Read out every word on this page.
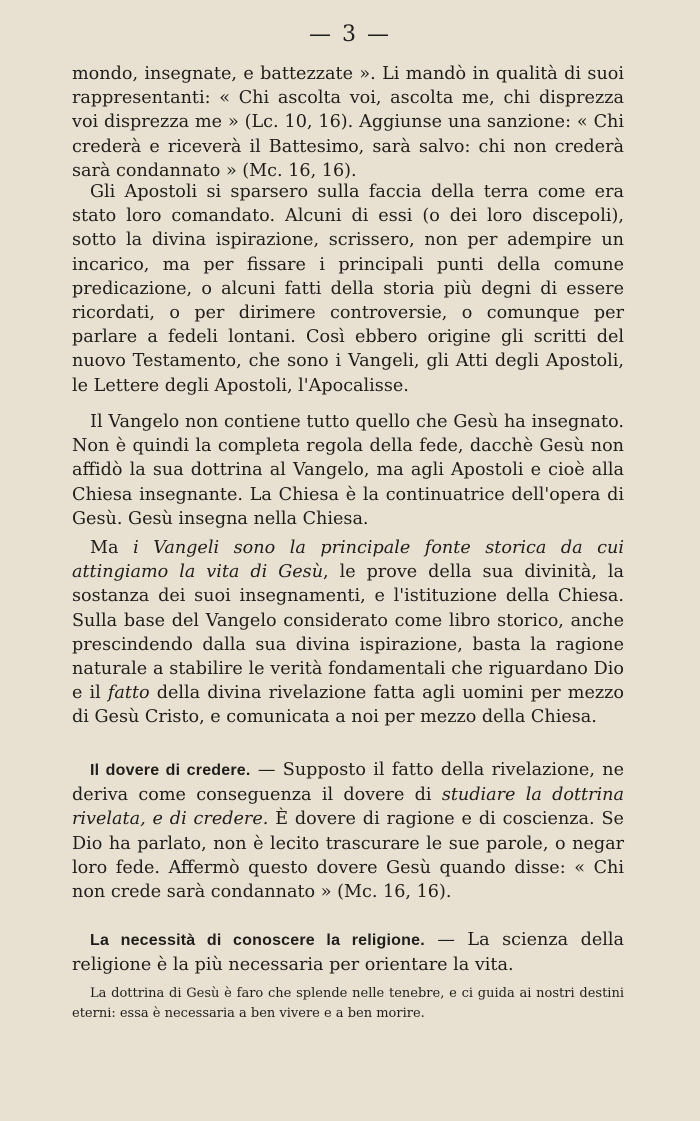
— 3 —
mondo, insegnate, e battezzate ». Li mandò in qualità di suoi rappresentanti: « Chi ascolta voi, ascolta me, chi disprezza voi disprezza me » (Lc. 10, 16). Aggiunse una sanzione: « Chi crederà e riceverà il Battesimo, sarà salvo: chi non crederà sarà condannato » (Mc. 16, 16).
Gli Apostoli si sparsero sulla faccia della terra come era stato loro comandato. Alcuni di essi (o dei loro discepoli), sotto la divina ispirazione, scrissero, non per adempire un incarico, ma per fissare i principali punti della comune predicazione, o alcuni fatti della storia più degni di essere ricordati, o per dirimere controversie, o comunque per parlare a fedeli lontani. Così ebbero origine gli scritti del nuovo Testamento, che sono i Vangeli, gli Atti degli Apostoli, le Lettere degli Apostoli, l'Apocalisse.
Il Vangelo non contiene tutto quello che Gesù ha insegnato. Non è quindi la completa regola della fede, dacchè Gesù non affidò la sua dottrina al Vangelo, ma agli Apostoli e cioè alla Chiesa insegnante. La Chiesa è la continuatrice dell'opera di Gesù. Gesù insegna nella Chiesa.
Ma i Vangeli sono la principale fonte storica da cui attingiamo la vita di Gesù, le prove della sua divinità, la sostanza dei suoi insegnamenti, e l'istituzione della Chiesa. Sulla base del Vangelo considerato come libro storico, anche prescindendo dalla sua divina ispirazione, basta la ragione naturale a stabilire le verità fondamentali che riguardano Dio e il fatto della divina rivelazione fatta agli uomini per mezzo di Gesù Cristo, e comunicata a noi per mezzo della Chiesa.
Il dovere di credere. — Supposto il fatto della rivelazione, ne deriva come conseguenza il dovere di studiare la dottrina rivelata, e di credere. È dovere di ragione e di coscienza. Se Dio ha parlato, non è lecito trascurare le sue parole, o negar loro fede. Affermò questo dovere Gesù quando disse: « Chi non crede sarà condannato » (Mc. 16, 16).
La necessità di conoscere la religione. — La scienza della religione è la più necessaria per orientare la vita.
La dottrina di Gesù è faro che splende nelle tenebre, e ci guida ai nostri destini eterni: essa è necessaria a ben vivere e a ben morire.
